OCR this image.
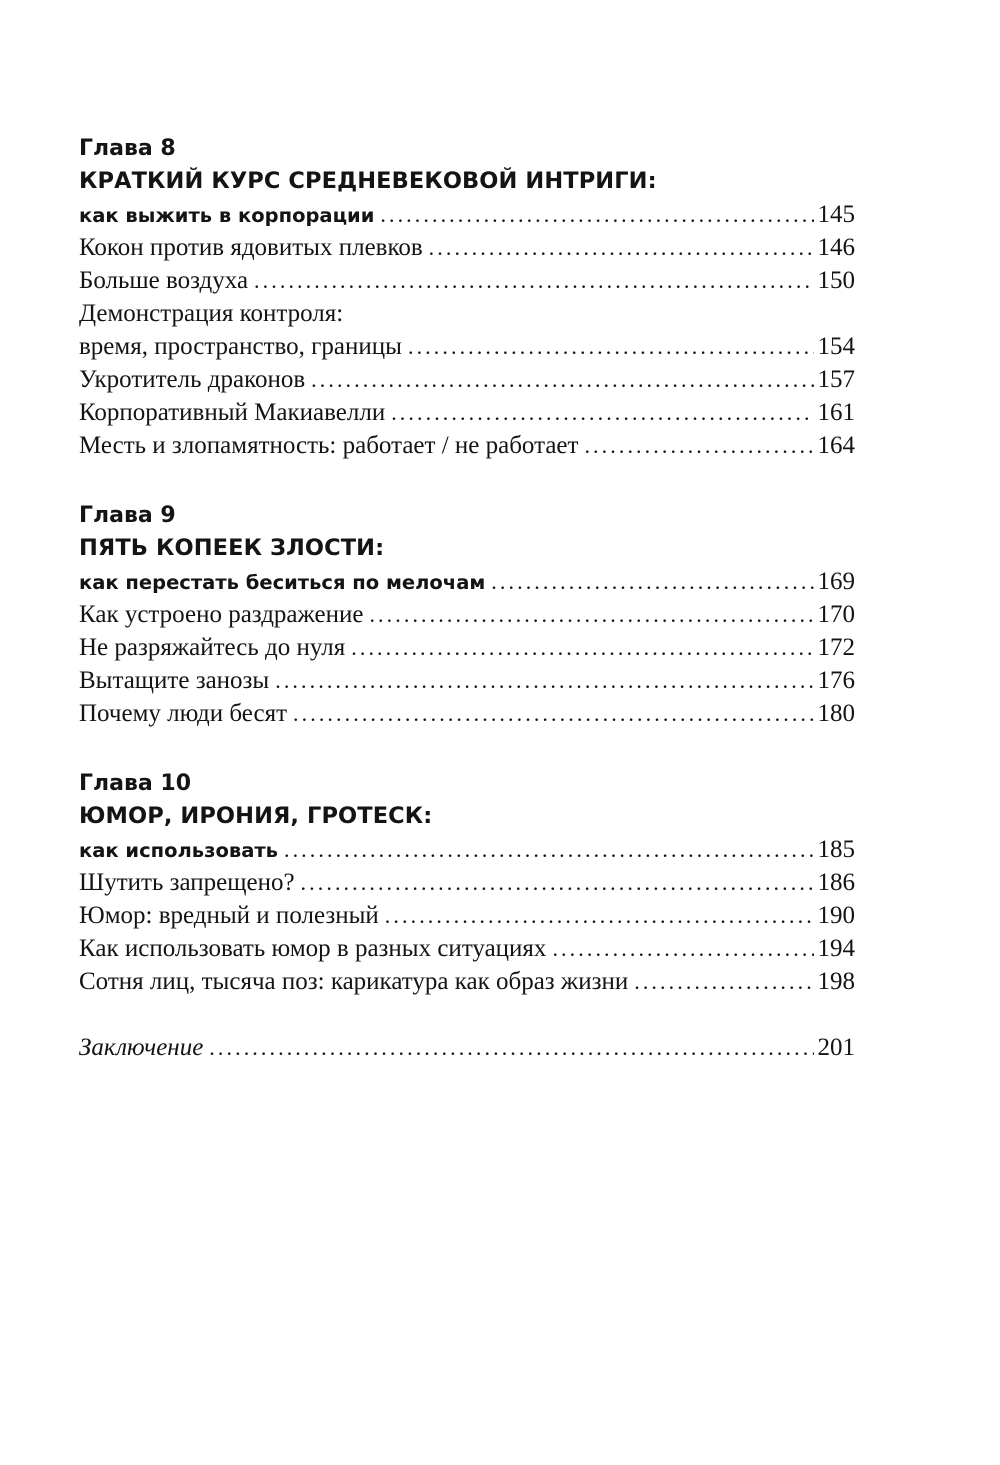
Глава 8
КРАТКИЙ КУРС СРЕДНЕВЕКОВОЙ ИНТРИГИ:
как выжить в корпорации . . .	145
Кокон против ядовитых плевков . . .	146
Больше воздуха . . .	150
Демонстрация контроля:
время, пространство, границы . . .	154
Укротитель драконов . . .	157
Корпоративный Макиавелли . . .	161
Месть и злопамятность: работает / не работает . . .	164
Глава 9
ПЯТЬ КОПЕЕК ЗЛОСТИ:
как перестать беситься по мелочам . . .	169
Как устроено раздражение . . .	170
Не разряжайтесь до нуля . . .	172
Вытащите занозы . . .	176
Почему люди бесят . . .	180
Глава 10
ЮМОР, ИРОНИЯ, ГРОТЕСК:
как использовать . . .	185
Шутить запрещено? . . .	186
Юмор: вредный и полезный . . .	190
Как использовать юмор в разных ситуациях . . .	194
Сотня лиц, тысяча поз: карикатура как образ жизни . . .	198
Заключение . . .	201
